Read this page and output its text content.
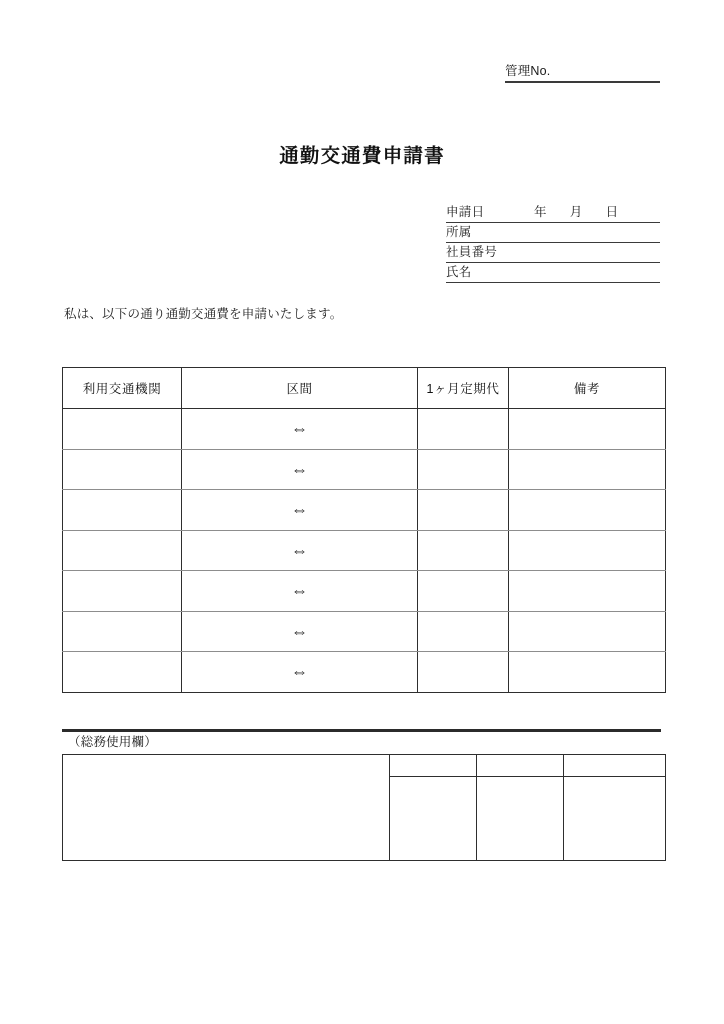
管理No.
通勤交通費申請書
申請日	年 月 日
所属
社員番号
氏名
私は、以下の通り通勤交通費を申請いたします。
利用交通機関	区間	1ヶ月定期代	備考
	⇔		
	⇔		
	⇔		
	⇔		
	⇔		
	⇔		
	⇔		
（総務使用欄）
